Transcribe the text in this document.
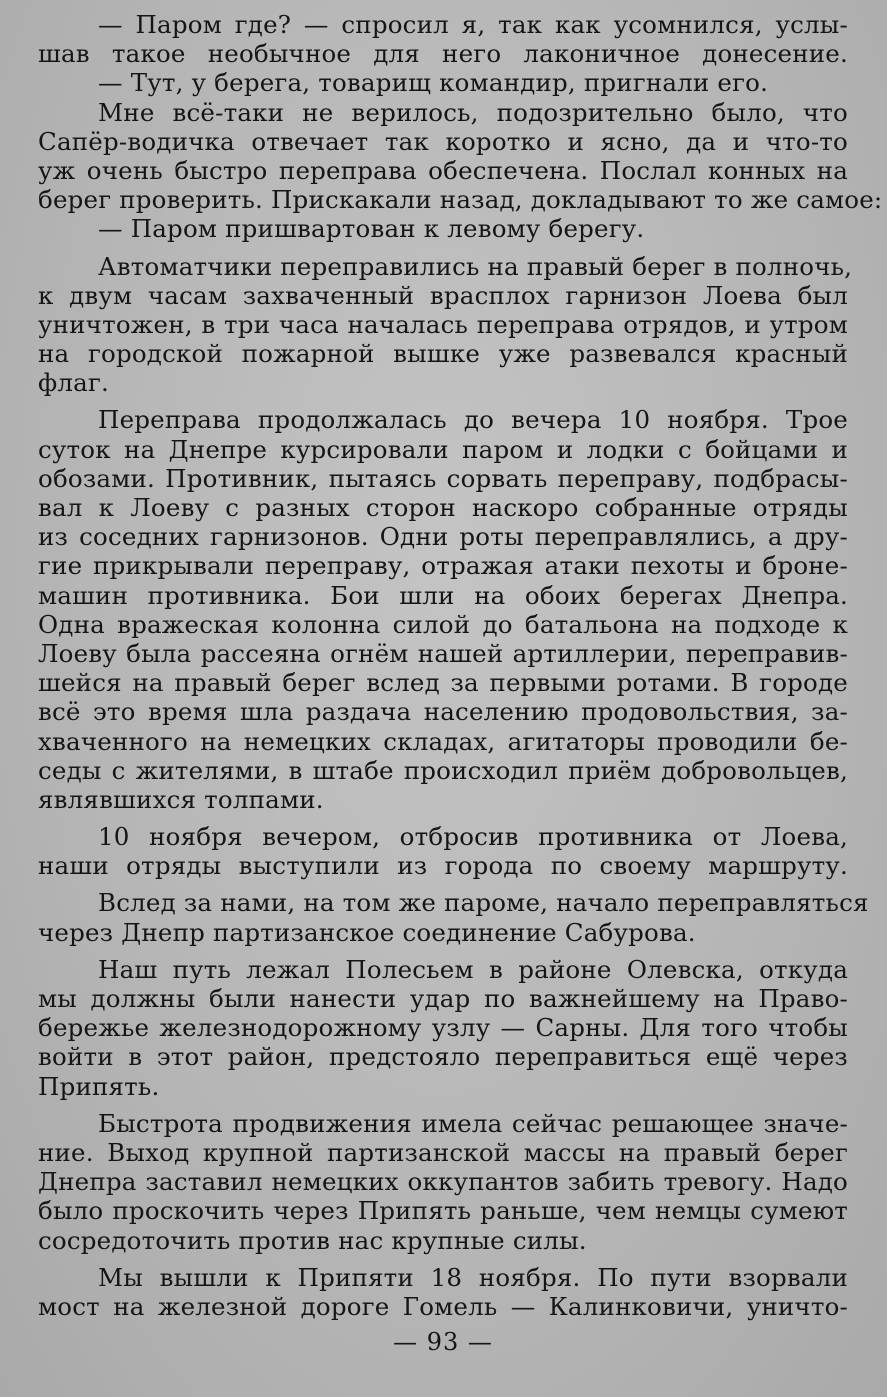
— Паром где? — спросил я, так как усомнился, услы-
шав такое необычное для него лаконичное донесение.
— Тут, у берега, товарищ командир, пригнали его.
Мне всё-таки не верилось, подозрительно было, что
Сапёр-водичка отвечает так коротко и ясно, да и что-то
уж очень быстро переправа обеспечена. Послал конных на
берег проверить. Прискакали назад, докладывают то же самое:
— Паром пришвартован к левому берегу.
Автоматчики переправились на правый берег в полночь,
к двум часам захваченный врасплох гарнизон Лоева был
уничтожен, в три часа началась переправа отрядов, и утром
на городской пожарной вышке уже развевался красный
флаг.
Переправа продолжалась до вечера 10 ноября. Трое
суток на Днепре курсировали паром и лодки с бойцами и
обозами. Противник, пытаясь сорвать переправу, подбрасы-
вал к Лоеву с разных сторон наскоро собранные отряды
из соседних гарнизонов. Одни роты переправлялись, а дру-
гие прикрывали переправу, отражая атаки пехоты и броне-
машин противника. Бои шли на обоих берегах Днепра.
Одна вражеская колонна силой до батальона на подходе к
Лоеву была рассеяна огнём нашей артиллерии, переправив-
шейся на правый берег вслед за первыми ротами. В городе
всё это время шла раздача населению продовольствия, за-
хваченного на немецких складах, агитаторы проводили бе-
седы с жителями, в штабе происходил приём добровольцев,
являвшихся толпами.
10 ноября вечером, отбросив противника от Лоева,
наши отряды выступили из города по своему маршруту.
Вслед за нами, на том же пароме, начало переправляться
через Днепр партизанское соединение Сабурова.
Наш путь лежал Полесьем в районе Олевска, откуда
мы должны были нанести удар по важнейшему на Право-
бережье железнодорожному узлу — Сарны. Для того чтобы
войти в этот район, предстояло переправиться ещё через
Припять.
Быстрота продвижения имела сейчас решающее значе-
ние. Выход крупной партизанской массы на правый берег
Днепра заставил немецких оккупантов забить тревогу. Надо
было проскочить через Припять раньше, чем немцы сумеют
сосредоточить против нас крупные силы.
Мы вышли к Припяти 18 ноября. По пути взорвали
мост на железной дороге Гомель — Калинковичи, уничто-
— 93 —
